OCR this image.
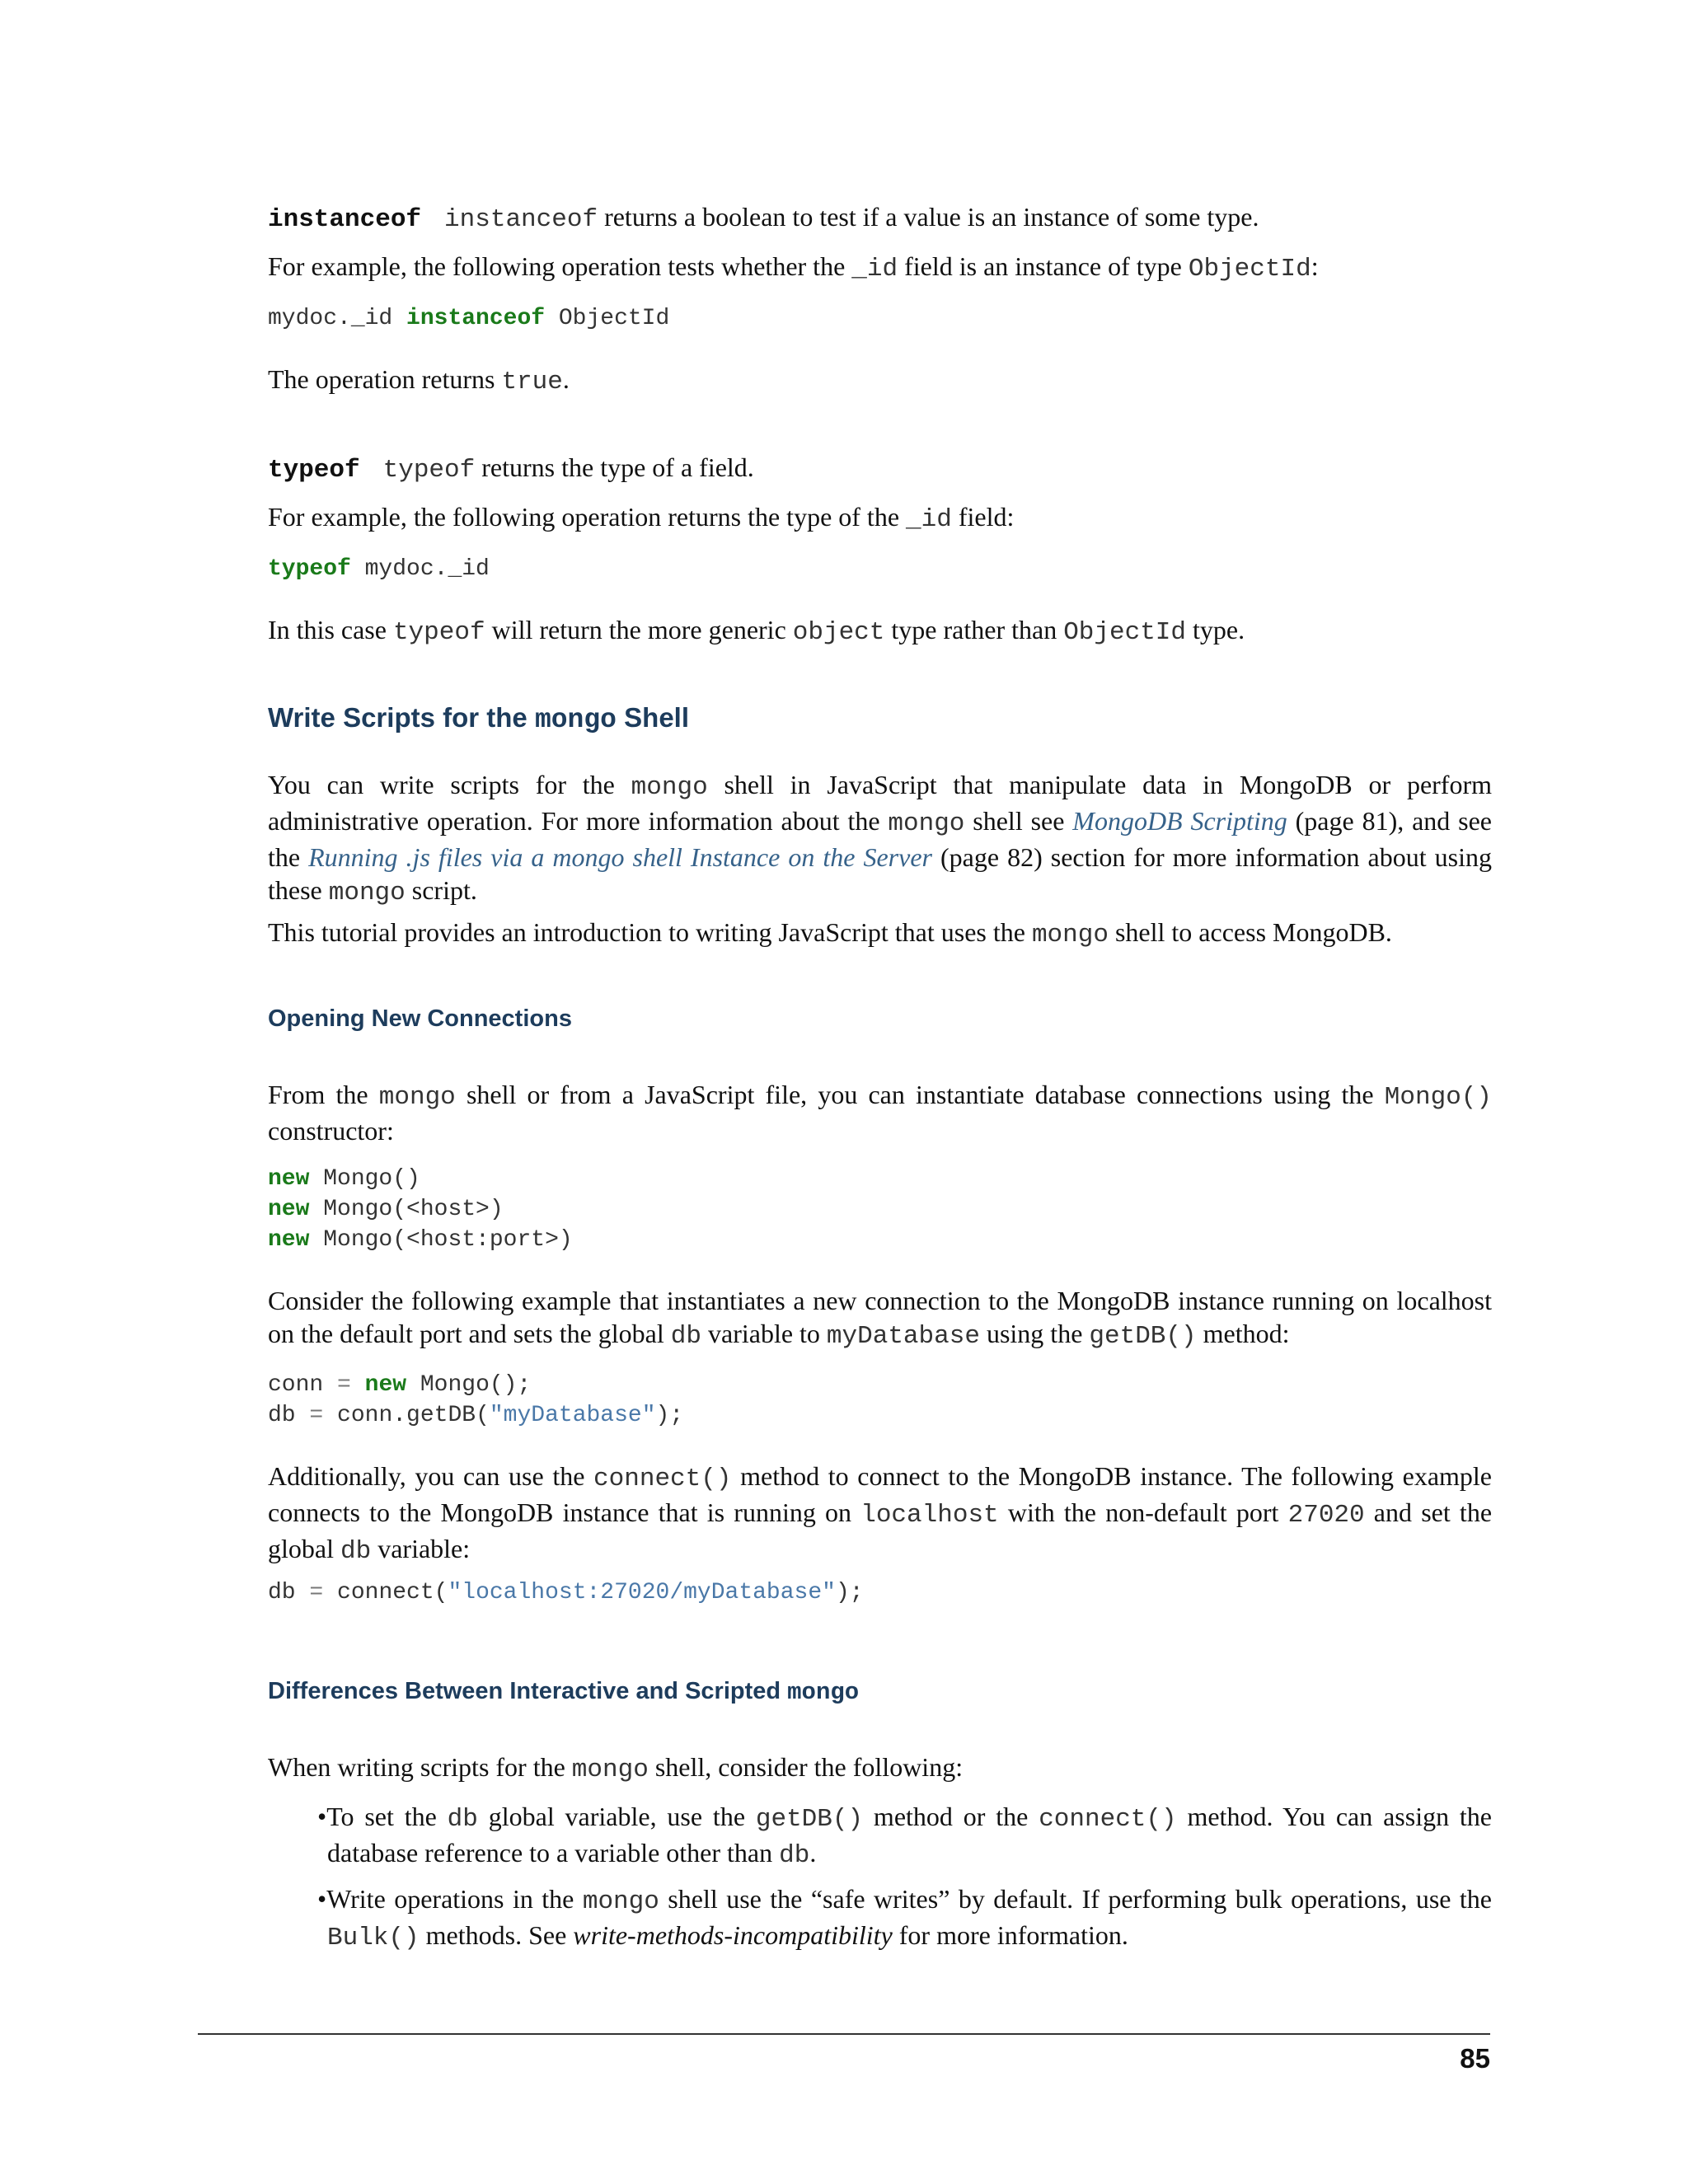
instanceof instanceof returns a boolean to test if a value is an instance of some type.

For example, the following operation tests whether the _id field is an instance of type ObjectId:

mydoc._id instanceof ObjectId

The operation returns true.

typeof typeof returns the type of a field.

For example, the following operation returns the type of the _id field:

typeof mydoc._id

In this case typeof will return the more generic object type rather than ObjectId type.

Write Scripts for the mongo Shell

You can write scripts for the mongo shell in JavaScript that manipulate data in MongoDB or perform administrative operation. For more information about the mongo shell see MongoDB Scripting (page 81), and see the Running .js files via a mongo shell Instance on the Server (page 82) section for more information about using these mongo script.

This tutorial provides an introduction to writing JavaScript that uses the mongo shell to access MongoDB.

Opening New Connections

From the mongo shell or from a JavaScript file, you can instantiate database connections using the Mongo() constructor:

new Mongo()
new Mongo(<host>)
new Mongo(<host:port>)

Consider the following example that instantiates a new connection to the MongoDB instance running on localhost on the default port and sets the global db variable to myDatabase using the getDB() method:

conn = new Mongo();
db = conn.getDB("myDatabase");

Additionally, you can use the connect() method to connect to the MongoDB instance. The following example connects to the MongoDB instance that is running on localhost with the non-default port 27020 and set the global db variable:

db = connect("localhost:27020/myDatabase");
Differences Between Interactive and Scripted mongo

When writing scripts for the mongo shell, consider the following:

•To set the db global variable, use the getDB() method or the connect() method. You can assign the database reference to a variable other than db.

•Write operations in the mongo shell use the “safe writes” by default. If performing bulk operations, use the Bulk() methods. See write-methods-incompatibility for more information.

85
